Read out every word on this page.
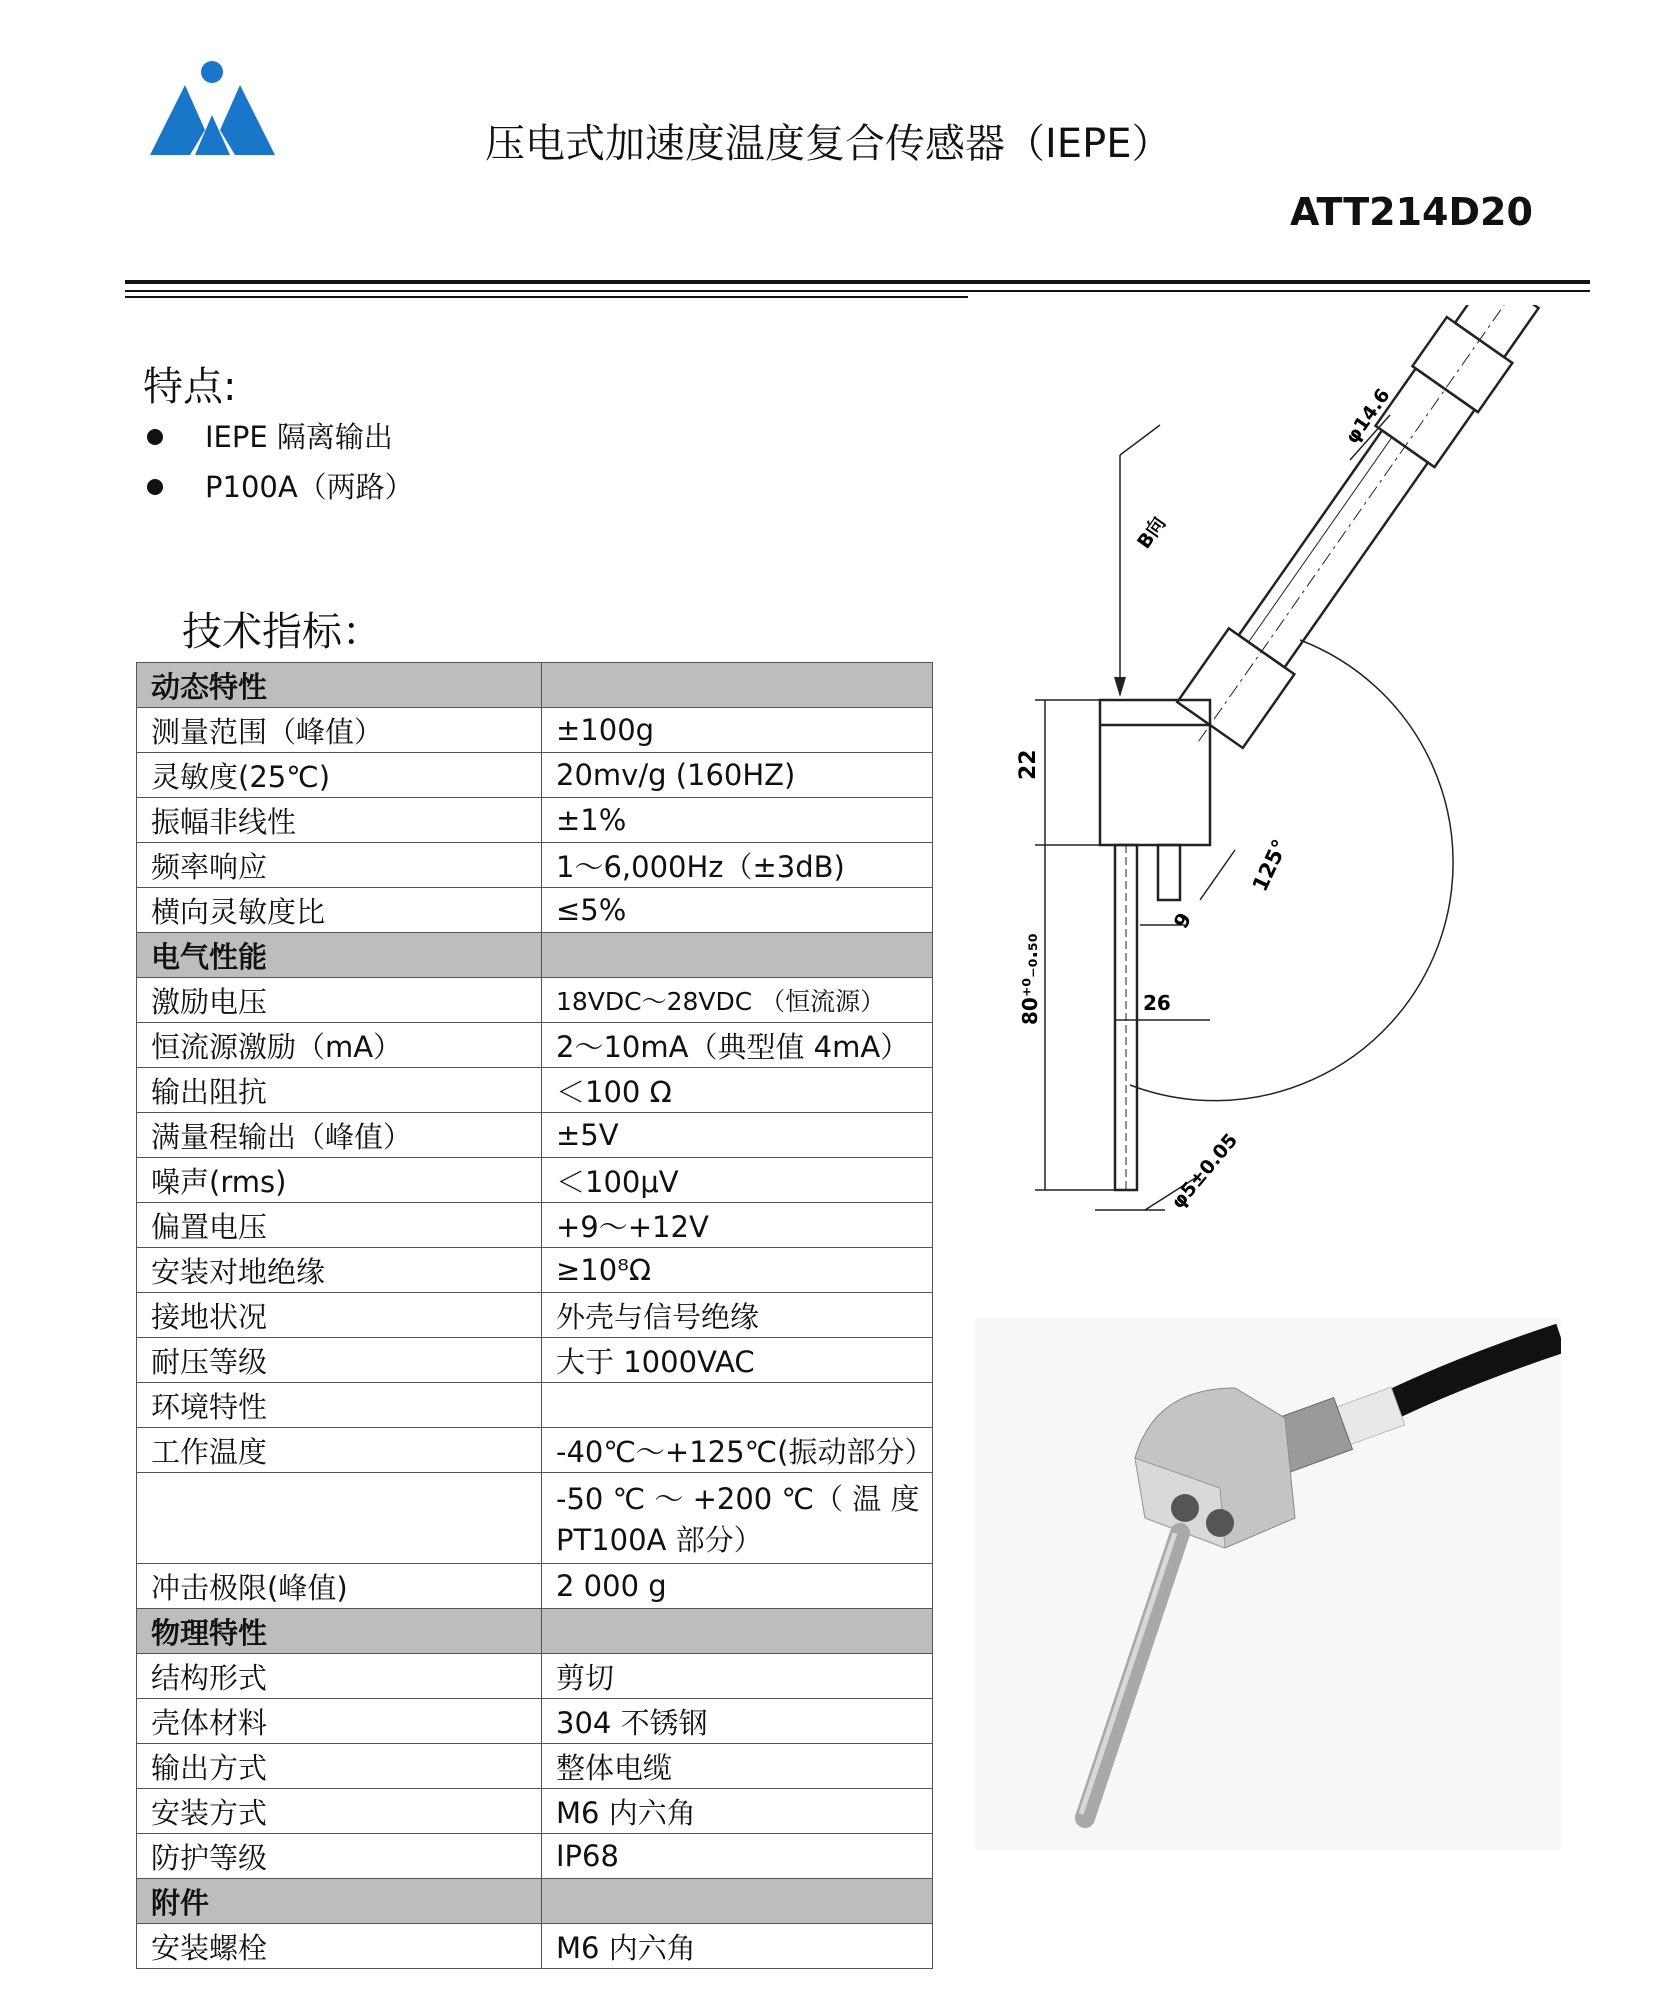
压电式加速度温度复合传感器（IEPE）
ATT214D20
特点:
IEPE 隔离输出
P100A（两路）
技术指标：
动态特性	
测量范围（峰值）	±100g
灵敏度(25℃)	20mv/g (160HZ)
振幅非线性	±1%
频率响应	1～6,000Hz（±3dB)
横向灵敏度比	≤5%
电气性能	
激励电压	18VDC～28VDC （恒流源）
恒流源激励（mA）	2～10mA（典型值 4mA）
输出阻抗	＜100 Ω
满量程输出（峰值）	±5V
噪声(rms)	＜100μV
偏置电压	+9～+12V
安装对地绝缘	≥10⁸Ω
接地状况	外壳与信号绝缘
耐压等级	大于 1000VAC
环境特性	
工作温度	-40℃～+125℃(振动部分）
	-50 ℃ ～ +200 ℃（ 温 度 PT100A 部分）
冲击极限(峰值)	2 000 g
物理特性	
结构形式	剪切
壳体材料	304 不锈钢
输出方式	整体电缆
安装方式	M6 内六角
防护等级	IP68
附件	
安装螺栓	M6 内六角
22
9
26
125°
80⁺⁰₋₀.₅₀
φ5±0.05
φ14.6
B向
